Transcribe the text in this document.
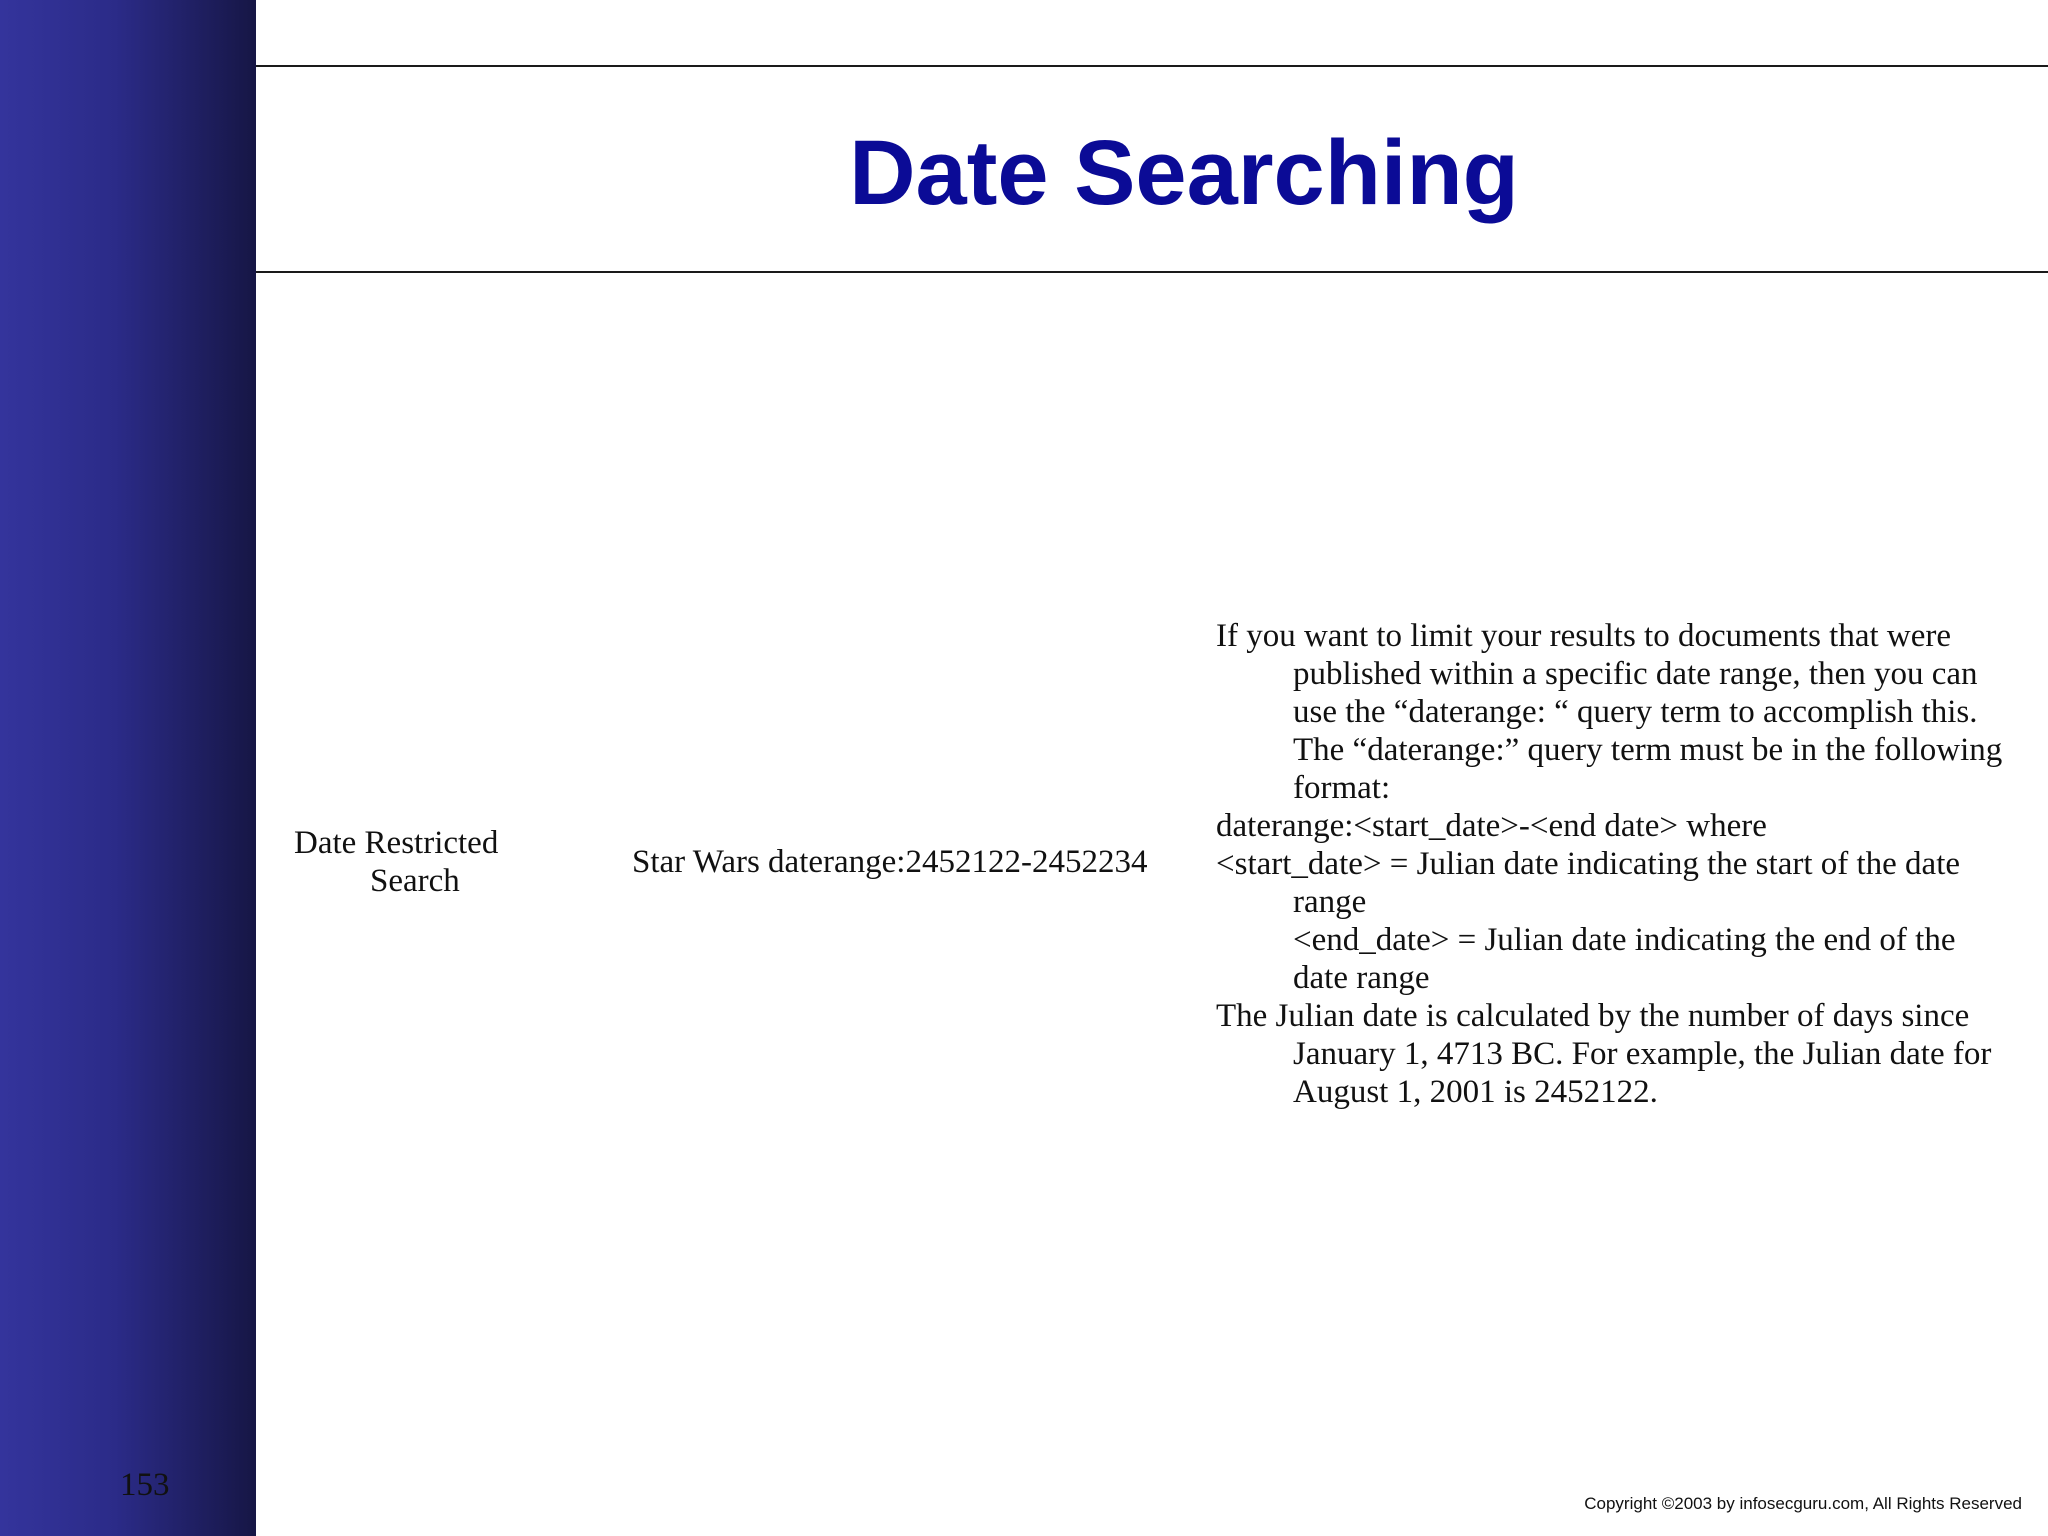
153
Date Searching
Date Restricted
Search
Star Wars daterange:2452122-2452234

If you want to limit your results to documents that were published within a specific date range, then you can use the “daterange: “ query term to accomplish this. The “daterange:” query term must be in the following format:

daterange:<start_date>-<end date> where

<start_date> = Julian date indicating the start of the date range

<end_date> = Julian date indicating the end of the date range

The Julian date is calculated by the number of days since January 1, 4713 BC. For example, the Julian date for August 1, 2001 is 2452122.

Copyright ©2003 by infosecguru.com, All Rights Reserved
